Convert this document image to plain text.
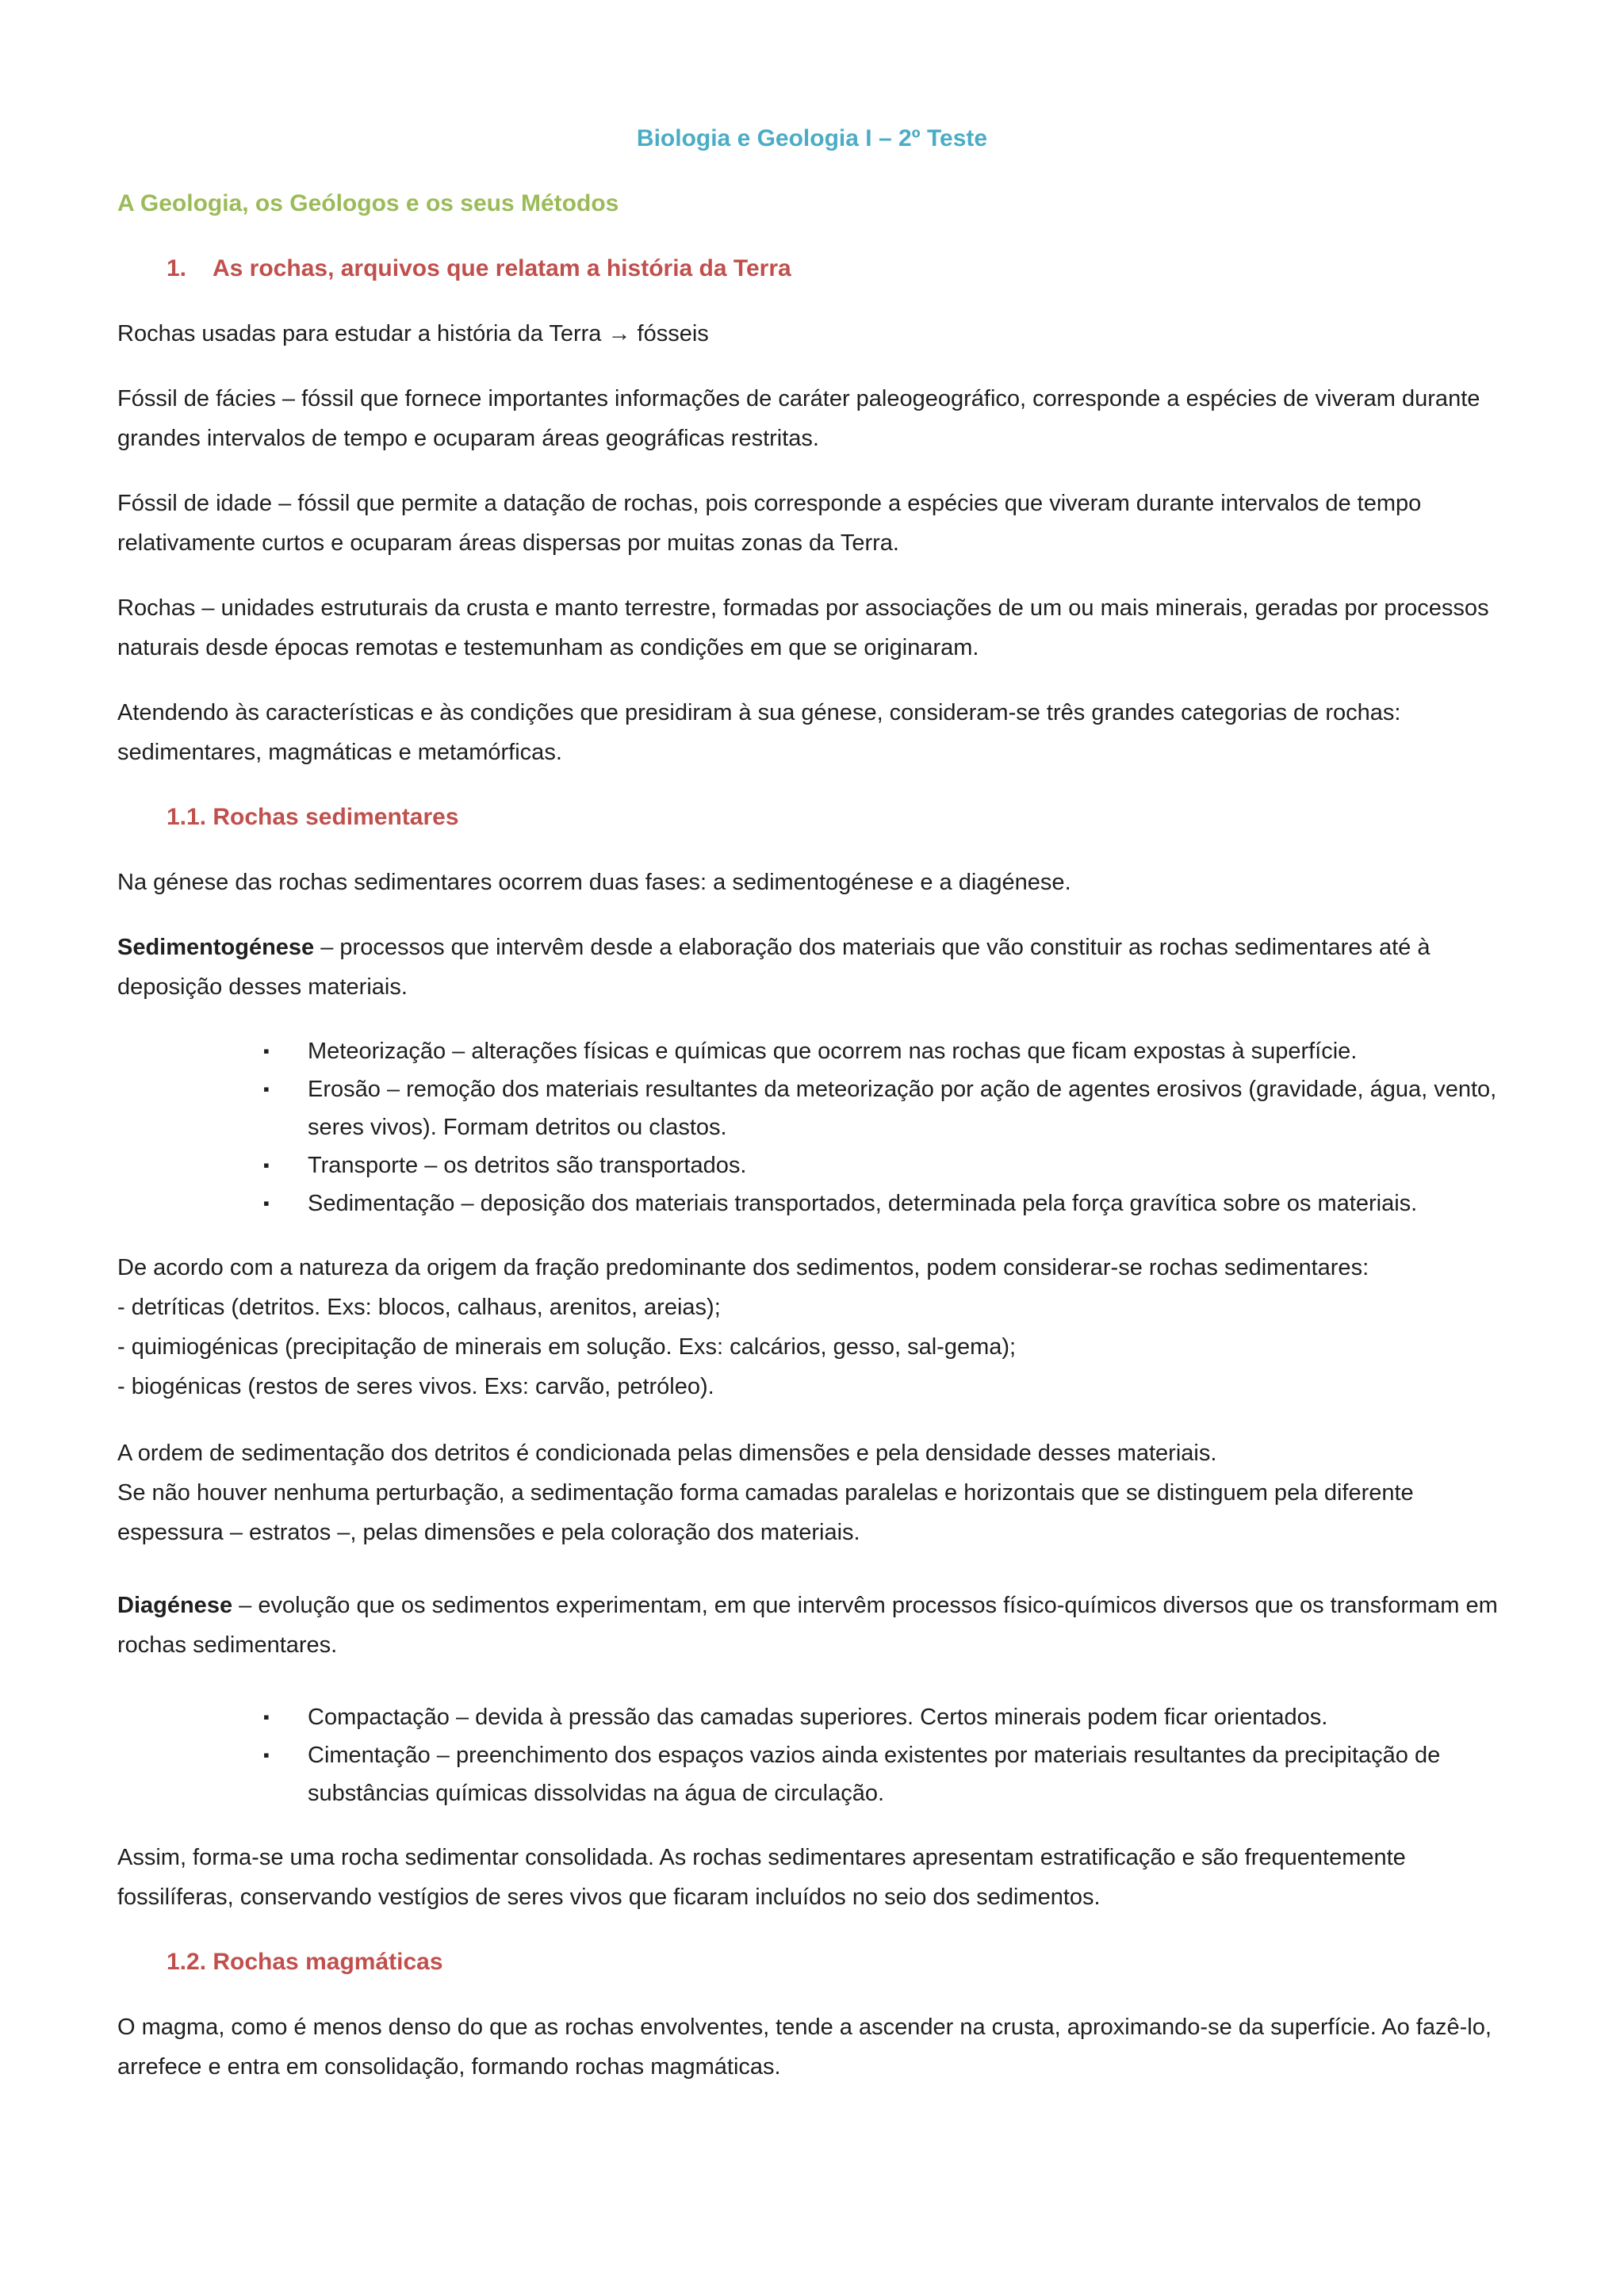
Biologia e Geologia I – 2º Teste
A Geologia, os Geólogos e os seus Métodos
1. As rochas, arquivos que relatam a história da Terra

Rochas usadas para estudar a história da Terra → fósseis

Fóssil de fácies – fóssil que fornece importantes informações de caráter paleogeográfico, corresponde a espécies de viveram durante grandes intervalos de tempo e ocuparam áreas geográficas restritas.

Fóssil de idade – fóssil que permite a datação de rochas, pois corresponde a espécies que viveram durante intervalos de tempo relativamente curtos e ocuparam áreas dispersas por muitas zonas da Terra.

Rochas – unidades estruturais da crusta e manto terrestre, formadas por associações de um ou mais minerais, geradas por processos naturais desde épocas remotas e testemunham as condições em que se originaram.

Atendendo às características e às condições que presidiram à sua génese, consideram-se três grandes categorias de rochas: sedimentares, magmáticas e metamórficas.

1.1. Rochas sedimentares

Na génese das rochas sedimentares ocorrem duas fases: a sedimentogénese e a diagénese.

Sedimentogénese – processos que intervêm desde a elaboração dos materiais que vão constituir as rochas sedimentares até à deposição desses materiais.

▪ Meteorização – alterações físicas e químicas que ocorrem nas rochas que ficam expostas à superfície.
▪ Erosão – remoção dos materiais resultantes da meteorização por ação de agentes erosivos (gravidade, água, vento, seres vivos). Formam detritos ou clastos.
▪ Transporte – os detritos são transportados.
▪ Sedimentação – deposição dos materiais transportados, determinada pela força gravítica sobre os materiais.

De acordo com a natureza da origem da fração predominante dos sedimentos, podem considerar-se rochas sedimentares:

- detríticas (detritos. Exs: blocos, calhaus, arenitos, areias);

- quimiogénicas (precipitação de minerais em solução. Exs: calcários, gesso, sal-gema);

- biogénicas (restos de seres vivos. Exs: carvão, petróleo).

A ordem de sedimentação dos detritos é condicionada pelas dimensões e pela densidade desses materiais.

Se não houver nenhuma perturbação, a sedimentação forma camadas paralelas e horizontais que se distinguem pela diferente espessura – estratos –, pelas dimensões e pela coloração dos materiais.

Diagénese – evolução que os sedimentos experimentam, em que intervêm processos físico-químicos diversos que os transformam em rochas sedimentares.

▪ Compactação – devida à pressão das camadas superiores. Certos minerais podem ficar orientados.
▪ Cimentação – preenchimento dos espaços vazios ainda existentes por materiais resultantes da precipitação de substâncias químicas dissolvidas na água de circulação.

Assim, forma-se uma rocha sedimentar consolidada. As rochas sedimentares apresentam estratificação e são frequentemente fossilíferas, conservando vestígios de seres vivos que ficaram incluídos no seio dos sedimentos.

1.2. Rochas magmáticas

O magma, como é menos denso do que as rochas envolventes, tende a ascender na crusta, aproximando-se da superfície. Ao fazê-lo, arrefece e entra em consolidação, formando rochas magmáticas.
